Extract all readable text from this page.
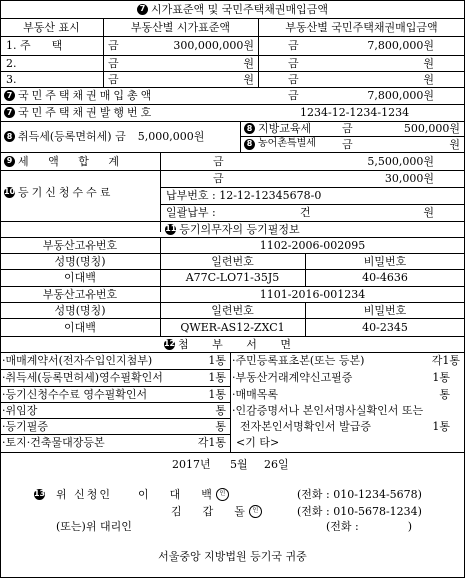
7 시가표준액 및 국민주택채권매입금액
부동산 표시	부동산별 시가표준액	부동산별 국민주택채권매입금액
1. 주      택	금	300,000,000원	금	7,800,000원
2.	금	원	금	원
3.	금	원	금	원
7 국민주택채권매입총액	금	7,800,000원
7 국민주택채권발행번호	1234-12-1234-1234
8 취득세(등록면허세) 금 5,000,000원
8 지방교육세	금	500,000원
8 농어촌특별세 금	원
9 세 액 합 계	금	5,500,000원
10 등기신청수수료
금	30,000원
납부번호 : 12-12-12345678-0
일괄납부 :	건	원
11 등기의무자의 등기필정보
부동산고유번호	1102-2006-002095
성명(명칭)	일련번호	비밀번호
이대백	A77C-LO71-35J5	40-4636
부동산고유번호	1101-2016-001234
성명(명칭)	일련번호	비밀번호
이대백	QWER-AS12-ZXC1	40-2345
12 첨 부 서 면
·매매계약서(전자수입인지첨부)	1통
·취득세(등록면허세)영수필확인서	1통
·등기신청수수료 영수필확인서	1통
·위임장	통
·등기필증	통
·토지·건축물대장등본	각1통
·주민등록표초본(또는 등본)	각1통
·부동산거래계약신고필증	1통
·매매목록	통
·인감증명서나 본인서명사실확인서 또는
전자본인서명확인서 발급증	1통
<기 타>
2017년	5월	26일
13 위 신청인 이      대      백	인	(전화 : 010-1234-5678)
김      갑      돌	인	(전화 : 010-5678-1234)
(또는)위 대리인	(전화 :              )
서울중앙 지방법원 등기국 귀중
